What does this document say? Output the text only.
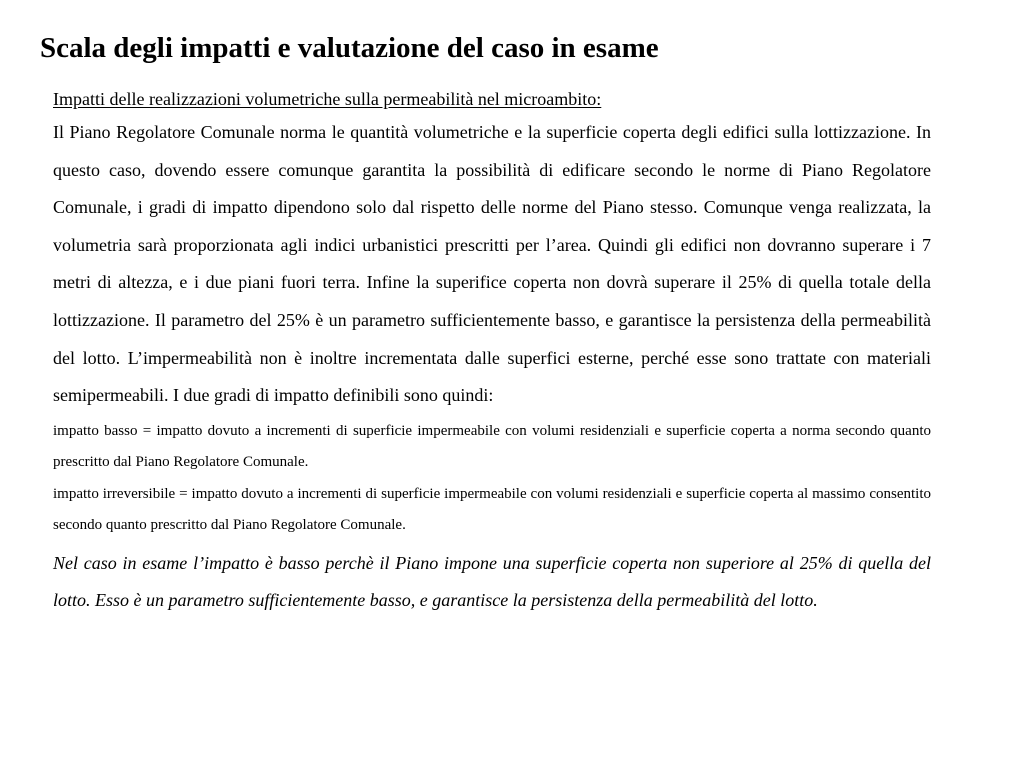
Scala degli impatti e valutazione del caso in esame

Impatti delle realizzazioni volumetriche sulla permeabilità nel microambito:

Il Piano Regolatore Comunale norma le quantità volumetriche e la superficie coperta degli edifici sulla lottizzazione. In questo caso, dovendo essere comunque garantita la possibilità di edificare secondo le norme di Piano Regolatore Comunale, i gradi di impatto dipendono solo dal rispetto delle norme del Piano stesso. Comunque venga realizzata, la volumetria sarà proporzionata agli indici urbanistici prescritti per l’area. Quindi gli edifici non dovranno superare i 7 metri di altezza, e i due piani fuori terra. Infine la superifice coperta non dovrà superare il 25% di quella totale della lottizzazione. Il parametro del 25% è un parametro sufficientemente basso, e garantisce la persistenza della permeabilità del lotto. L’impermeabilità non è inoltre incrementata dalle superfici esterne, perché esse sono trattate con materiali semipermeabili. I due gradi di impatto definibili sono quindi:

impatto basso = impatto dovuto a incrementi di superficie impermeabile con volumi residenziali e superficie coperta a norma secondo quanto prescritto dal Piano Regolatore Comunale.

impatto irreversibile = impatto dovuto a incrementi di superficie impermeabile con volumi residenziali e superficie coperta al massimo consentito secondo quanto prescritto dal Piano Regolatore Comunale.

Nel caso in esame l’impatto è basso perchè il Piano impone una superficie coperta non superiore al 25% di quella del lotto. Esso è un parametro sufficientemente basso, e garantisce la persistenza della permeabilità del lotto.
